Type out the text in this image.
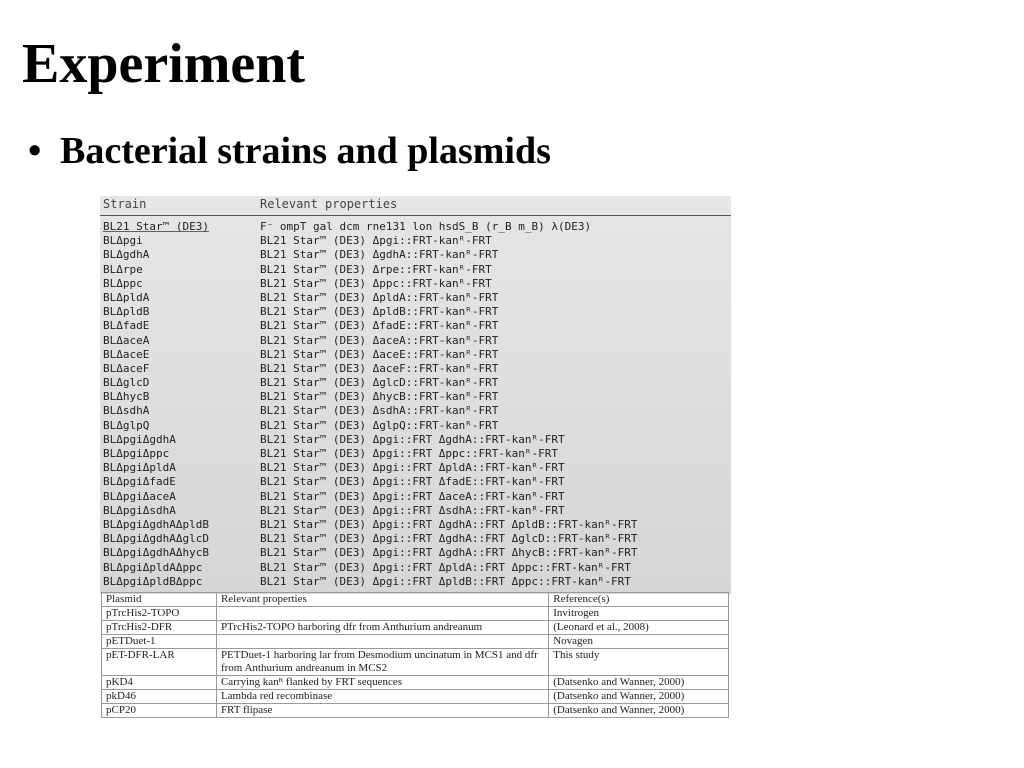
Experiment
• Bacterial strains and plasmids
Strain	Relevant properties
BL21 Star™ (DE3)	F⁻ ompT gal dcm rne131 lon hsdS_B (r_B m_B) λ(DE3)
BLΔpgi	BL21 Star™ (DE3) Δpgi::FRT-kanᴿ-FRT
BLΔgdhA	BL21 Star™ (DE3) ΔgdhA::FRT-kanᴿ-FRT
BLΔrpe	BL21 Star™ (DE3) Δrpe::FRT-kanᴿ-FRT
BLΔppc	BL21 Star™ (DE3) Δppc::FRT-kanᴿ-FRT
BLΔpldA	BL21 Star™ (DE3) ΔpldA::FRT-kanᴿ-FRT
BLΔpldB	BL21 Star™ (DE3) ΔpldB::FRT-kanᴿ-FRT
BLΔfadE	BL21 Star™ (DE3) ΔfadE::FRT-kanᴿ-FRT
BLΔaceA	BL21 Star™ (DE3) ΔaceA::FRT-kanᴿ-FRT
BLΔaceE	BL21 Star™ (DE3) ΔaceE::FRT-kanᴿ-FRT
BLΔaceF	BL21 Star™ (DE3) ΔaceF::FRT-kanᴿ-FRT
BLΔglcD	BL21 Star™ (DE3) ΔglcD::FRT-kanᴿ-FRT
BLΔhycB	BL21 Star™ (DE3) ΔhycB::FRT-kanᴿ-FRT
BLΔsdhA	BL21 Star™ (DE3) ΔsdhA::FRT-kanᴿ-FRT
BLΔglpQ	BL21 Star™ (DE3) ΔglpQ::FRT-kanᴿ-FRT
BLΔpgiΔgdhA	BL21 Star™ (DE3) Δpgi::FRT ΔgdhA::FRT-kanᴿ-FRT
BLΔpgiΔppc	BL21 Star™ (DE3) Δpgi::FRT Δppc::FRT-kanᴿ-FRT
BLΔpgiΔpldA	BL21 Star™ (DE3) Δpgi::FRT ΔpldA::FRT-kanᴿ-FRT
BLΔpgiΔfadE	BL21 Star™ (DE3) Δpgi::FRT ΔfadE::FRT-kanᴿ-FRT
BLΔpgiΔaceA	BL21 Star™ (DE3) Δpgi::FRT ΔaceA::FRT-kanᴿ-FRT
BLΔpgiΔsdhA	BL21 Star™ (DE3) Δpgi::FRT ΔsdhA::FRT-kanᴿ-FRT
BLΔpgiΔgdhAΔpldB	BL21 Star™ (DE3) Δpgi::FRT ΔgdhA::FRT ΔpldB::FRT-kanᴿ-FRT
BLΔpgiΔgdhAΔglcD	BL21 Star™ (DE3) Δpgi::FRT ΔgdhA::FRT ΔglcD::FRT-kanᴿ-FRT
BLΔpgiΔgdhAΔhycB	BL21 Star™ (DE3) Δpgi::FRT ΔgdhA::FRT ΔhycB::FRT-kanᴿ-FRT
BLΔpgiΔpldAΔppc	BL21 Star™ (DE3) Δpgi::FRT ΔpldA::FRT Δppc::FRT-kanᴿ-FRT
BLΔpgiΔpldBΔppc	BL21 Star™ (DE3) Δpgi::FRT ΔpldB::FRT Δppc::FRT-kanᴿ-FRT
Plasmid	Relevant properties	Reference(s)
pTrcHis2-TOPO		Invitrogen
pTrcHis2-DFR	PTrcHis2-TOPO harboring dfr from Anthurium andreanum	(Leonard et al., 2008)
pETDuet-1		Novagen
pET-DFR-LAR	PETDuet-1 harboring lar from Desmodium uncinatum in MCS1 and dfr from Anthurium andreanum in MCS2	This study
pKD4	Carrying kanᴿ flanked by FRT sequences	(Datsenko and Wanner, 2000)
pkD46	Lambda red recombinase	(Datsenko and Wanner, 2000)
pCP20	FRT flipase	(Datsenko and Wanner, 2000)
